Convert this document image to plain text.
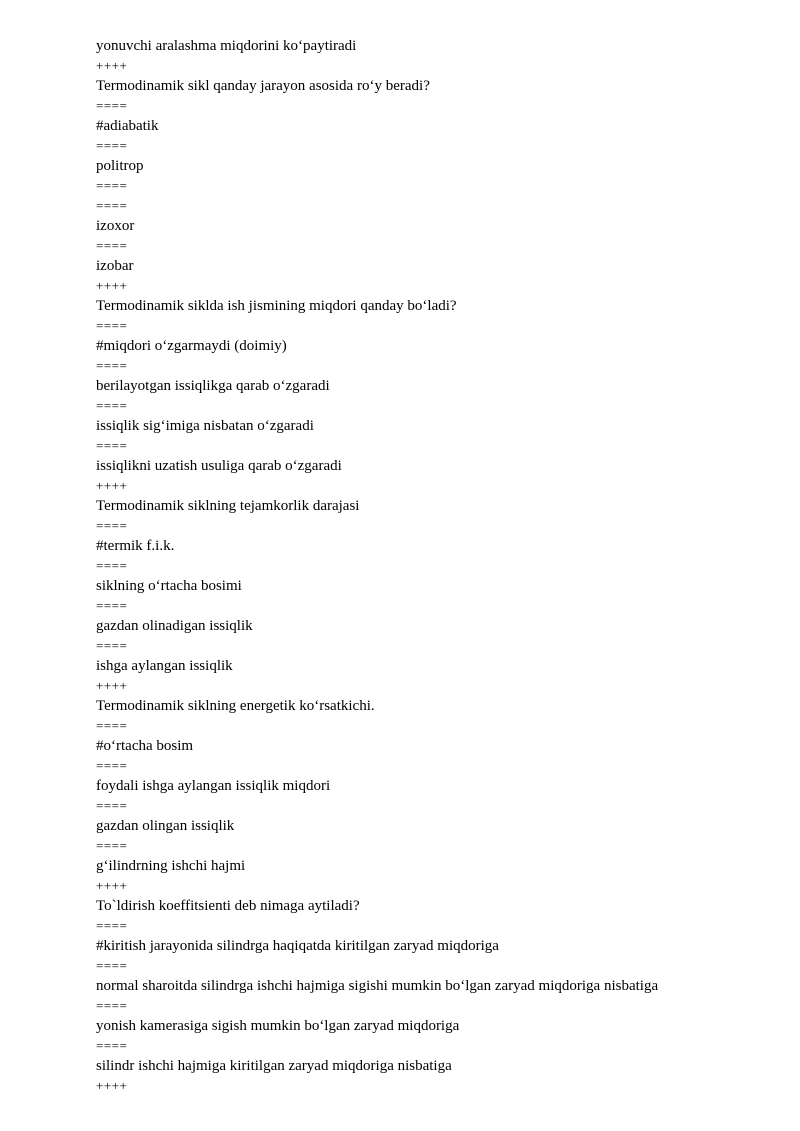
yonuvchi aralashma miqdorini koʻpaytiradi
++++
Termodinamik sikl qanday jarayon asosida roʻy beradi?
====
#adiabatik
====
politrop
====
====
izoxor
====
izobar
++++
Termodinamik siklda ish jismining miqdori qanday boʻladi?
====
#miqdori oʻzgarmaydi (doimiy)
====
berilayotgan issiqlikga qarab oʻzgaradi
====
issiqlik sigʻimiga nisbatan oʻzgaradi
====
issiqlikni uzatish usuliga qarab oʻzgaradi
++++
Termodinamik siklning tejamkorlik darajasi
====
#termik f.i.k.
====
siklning oʻrtacha bosimi
====
gazdan olinadigan issiqlik
====
ishga aylangan issiqlik
++++
Termodinamik siklning energetik koʻrsatkichi.
====
#oʻrtacha bosim
====
foydali ishga aylangan issiqlik miqdori
====
gazdan olingan issiqlik
====
gʻilindrning ishchi hajmi
++++
To`ldirish koeffitsienti deb nimaga aytiladi?
====
#kiritish jarayonida silindrga haqiqatda kiritilgan zaryad miqdoriga
====
normal sharoitda silindrga ishchi hajmiga sigishi mumkin boʻlgan zaryad miqdoriga nisbatiga
====
yonish kamerasiga sigish mumkin boʻlgan zaryad miqdoriga
====
silindr ishchi hajmiga kiritilgan zaryad miqdoriga nisbatiga
++++
